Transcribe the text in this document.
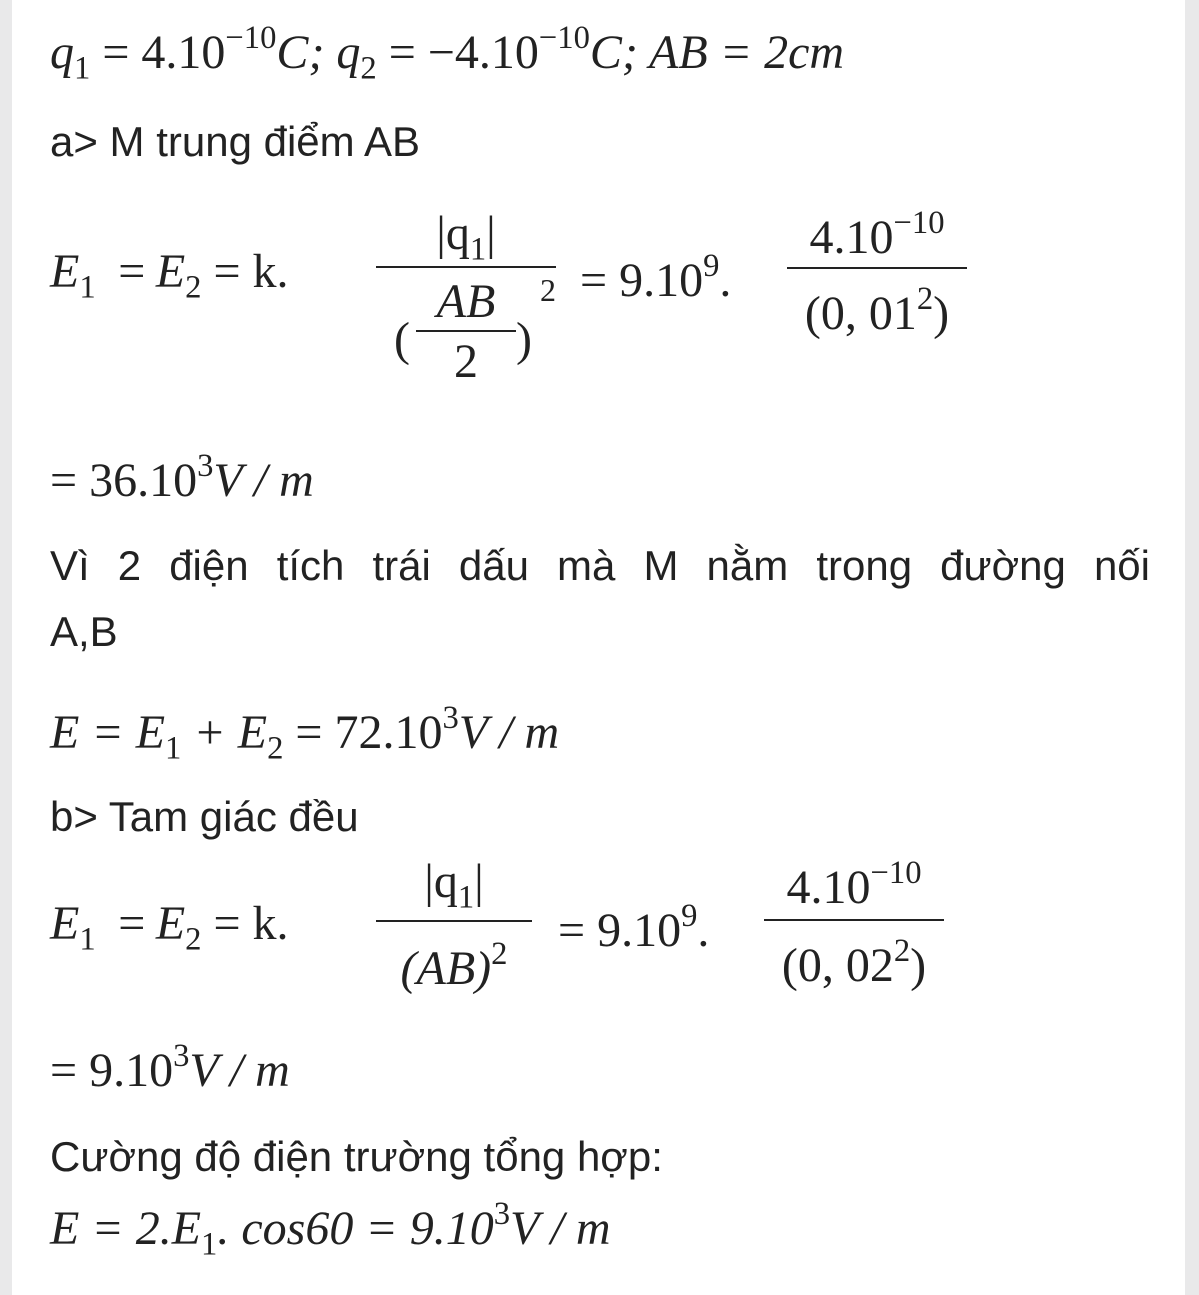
$q_1 = 4.10^{-10}C$; $q_2 = -4.10^{-10}C$; AB = 2cm
a> M trung điểm AB
$E_1 = E_2 = k$.
$|q_1|$
(
AB
2 )
$2 = 9.10^9$. $\frac{4.10^{-10}}{(0, 01^2)}$
= $36.10^3V$ / m
Vì 2 điện tích trái dấu mà M nằm trong đường nối
A,B
$E = E_1 + E_2 = 72.10^3V / m$
b> Tam giác đều
$E_1 = E_2 = k$. $\frac{|q_1|}{(AB)^2} = 9.10^9$. $\frac{4.10^{-10}}{(0, 02^2)}$
= $9.10^3V$ / m
Cường độ điện trường tổng hợp:
$E = 2.E_1$. $\cos 60 = 9.10^3V / m$
